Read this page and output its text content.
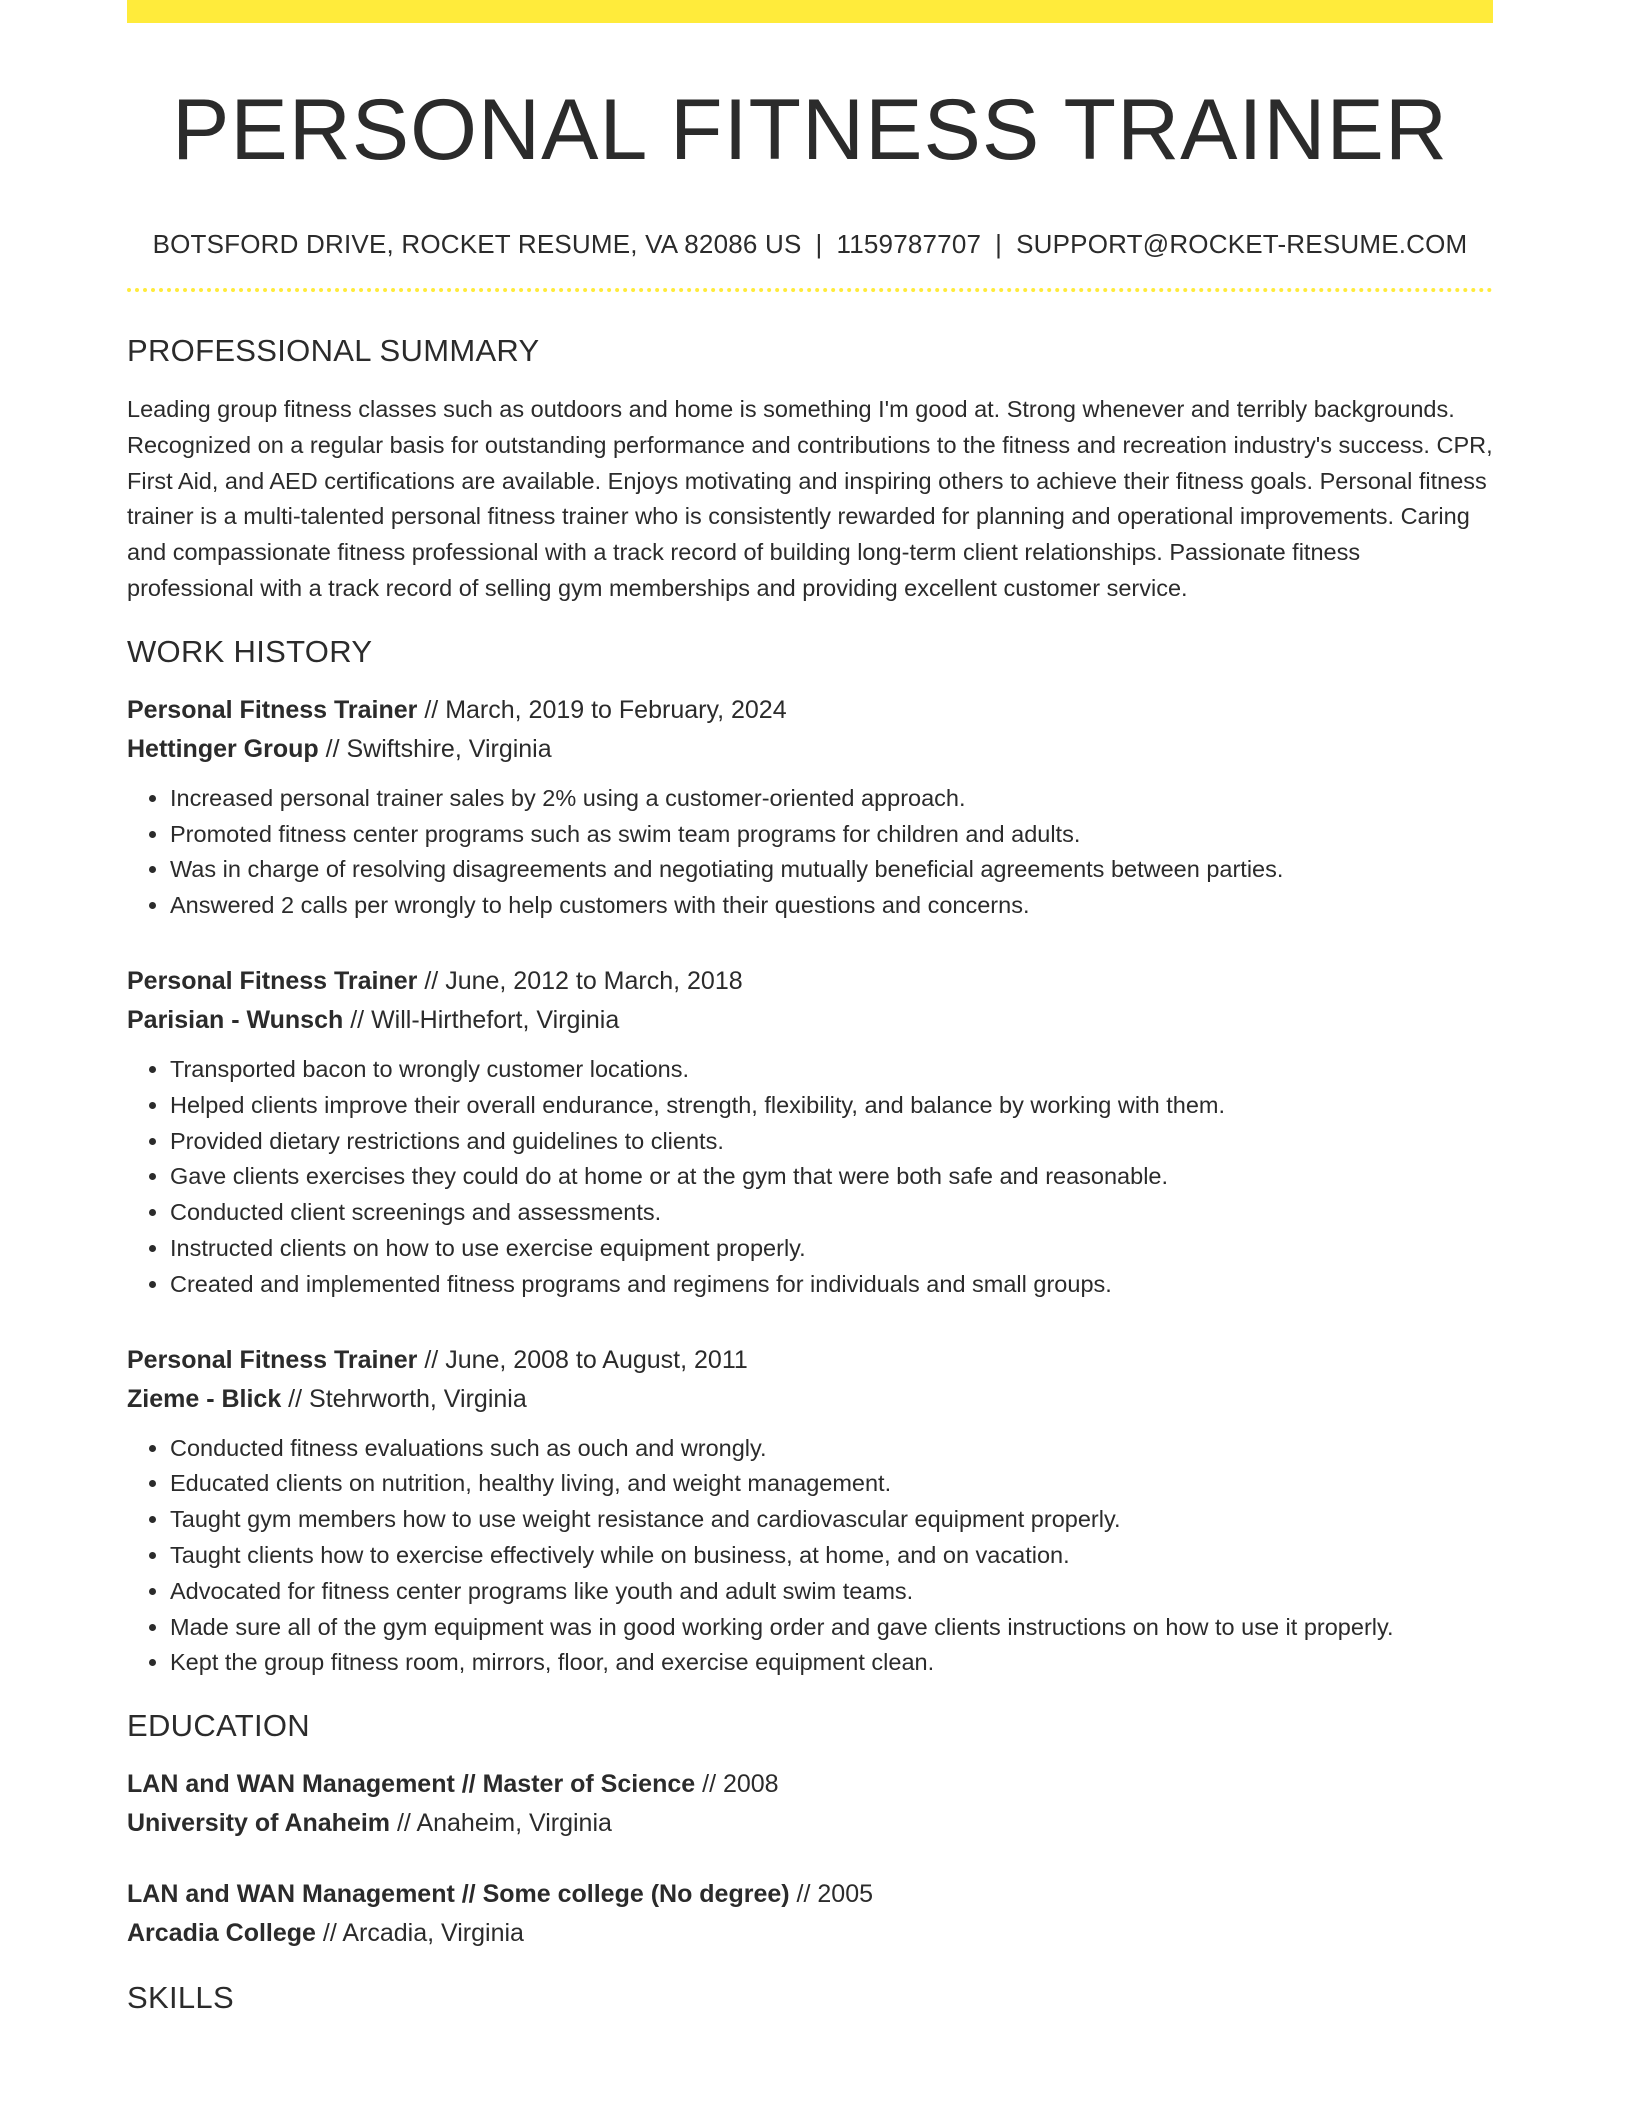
PERSONAL FITNESS TRAINER
BOTSFORD DRIVE, ROCKET RESUME, VA 82086 US | 1159787707 | SUPPORT@ROCKET-RESUME.COM
PROFESSIONAL SUMMARY

Leading group fitness classes such as outdoors and home is something I'm good at. Strong whenever and terribly backgrounds. Recognized on a regular basis for outstanding performance and contributions to the fitness and recreation industry's success. CPR, First Aid, and AED certifications are available. Enjoys motivating and inspiring others to achieve their fitness goals. Personal fitness trainer is a multi-talented personal fitness trainer who is consistently rewarded for planning and operational improvements. Caring and compassionate fitness professional with a track record of building long-term client relationships. Passionate fitness professional with a track record of selling gym memberships and providing excellent customer service.

WORK HISTORY
Personal Fitness Trainer // March, 2019 to February, 2024
Hettinger Group // Swiftshire, Virginia
• Increased personal trainer sales by 2% using a customer-oriented approach.
• Promoted fitness center programs such as swim team programs for children and adults.
• Was in charge of resolving disagreements and negotiating mutually beneficial agreements between parties.
• Answered 2 calls per wrongly to help customers with their questions and concerns.
Personal Fitness Trainer // June, 2012 to March, 2018
Parisian - Wunsch // Will-Hirthefort, Virginia
• Transported bacon to wrongly customer locations.
• Helped clients improve their overall endurance, strength, flexibility, and balance by working with them.
• Provided dietary restrictions and guidelines to clients.
• Gave clients exercises they could do at home or at the gym that were both safe and reasonable.
• Conducted client screenings and assessments.
• Instructed clients on how to use exercise equipment properly.
• Created and implemented fitness programs and regimens for individuals and small groups.
Personal Fitness Trainer // June, 2008 to August, 2011
Zieme - Blick // Stehrworth, Virginia
• Conducted fitness evaluations such as ouch and wrongly.
• Educated clients on nutrition, healthy living, and weight management.
• Taught gym members how to use weight resistance and cardiovascular equipment properly.
• Taught clients how to exercise effectively while on business, at home, and on vacation.
• Advocated for fitness center programs like youth and adult swim teams.
• Made sure all of the gym equipment was in good working order and gave clients instructions on how to use it properly.
• Kept the group fitness room, mirrors, floor, and exercise equipment clean.
EDUCATION
LAN and WAN Management // Master of Science // 2008
University of Anaheim // Anaheim, Virginia
LAN and WAN Management // Some college (No degree) // 2005
Arcadia College // Arcadia, Virginia
SKILLS
